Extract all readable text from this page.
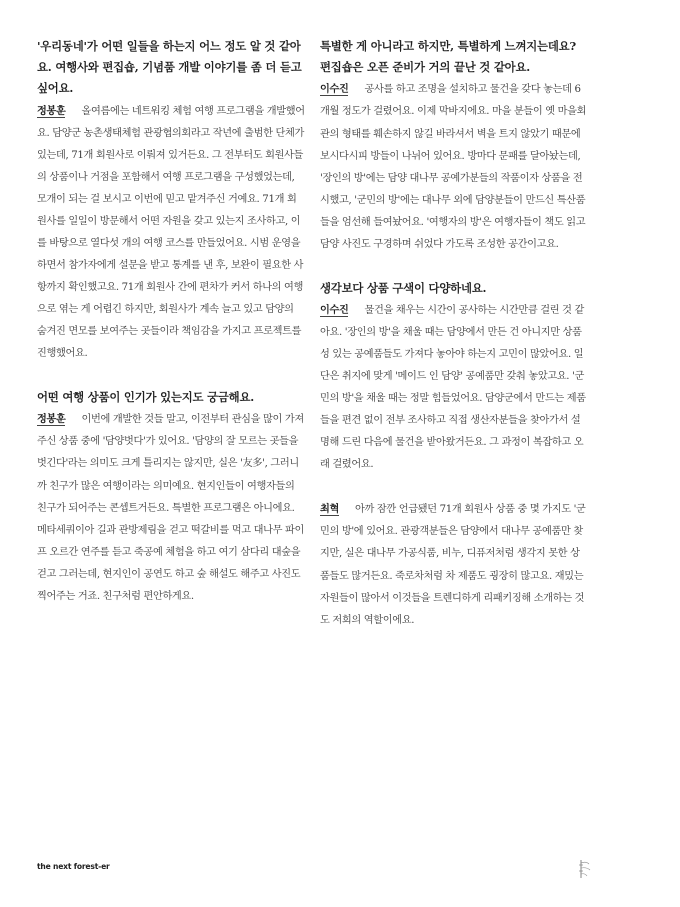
'우리동네'가 어떤 일들을 하는지 어느 정도 알 것 같아요. 여행사와 편집숍, 기념품 개발 이야기를 좀 더 듣고 싶어요.

정봉훈 올여름에는 네트워킹 체험 여행 프로그램을 개발했어요. 담양군 농촌생태체험 관광협의회라고 작년에 출범한 단체가 있는데, 71개 회원사로 이뤄져 있거든요. 그 전부터도 회원사들의 상품이나 거점을 포함해서 여행 프로그램을 구성했었는데, 모개이 되는 걸 보시고 이번에 믿고 맡겨주신 거예요. 71개 회원사를 일일이 방문해서 어떤 자원을 갖고 있는지 조사하고, 이를 바탕으로 열다섯 개의 여행 코스를 만들었어요. 시범 운영을 하면서 참가자에게 설문을 받고 통계를 낸 후, 보완이 필요한 사항까지 확인했고요. 71개 회원사 간에 편차가 커서 하나의 여행으로 엮는 게 어렵긴 하지만, 회원사가 계속 늘고 있고 담양의 숨겨진 면모를 보여주는 곳들이라 책임감을 가지고 프로젝트를 진행했어요.

어떤 여행 상품이 인기가 있는지도 궁금해요.

정봉훈 이번에 개발한 것들 말고, 이전부터 관심을 많이 가져주신 상품 중에 '담양벗다'가 있어요. '담양의 잘 모르는 곳들을 벗긴다'라는 의미도 크게 틀리지는 않지만, 실은 '友多', 그러니까 친구가 많은 여행이라는 의미예요. 현지인들이 여행자들의 친구가 되어주는 콘셉트거든요. 특별한 프로그램은 아니에요. 메타세쿼이아 길과 관방제림을 걷고 떡갈비를 먹고 대나무 파이프 오르간 연주를 듣고 죽공예 체험을 하고 여기 삼다리 대숲을 걷고 그러는데, 현지인이 공연도 하고 숲 해설도 해주고 사진도 찍어주는 거죠. 친구처럼 편안하게요.

특별한 게 아니라고 하지만, 특별하게 느껴지는데요? 편집숍은 오픈 준비가 거의 끝난 것 같아요.

이수진 공사를 하고 조명을 설치하고 물건을 갖다 놓는데 6개월 정도가 걸렸어요. 이제 막바지에요. 마을 분들이 옛 마을회관의 형태를 훼손하지 않길 바라셔서 벽을 트지 않았기 때문에 보시다시피 방들이 나뉘어 있어요. 방마다 문패를 달아놨는데, '장인의 방'에는 담양 대나무 공예가분들의 작품이자 상품을 전시했고, '군민의 방'에는 대나무 외에 담양분들이 만드신 특산품들을 엄선해 들여놨어요. '여행자의 방'은 여행자들이 책도 읽고 담양 사진도 구경하며 쉬었다 가도록 조성한 공간이고요.

생각보다 상품 구색이 다양하네요.

이수진 물건을 채우는 시간이 공사하는 시간만큼 걸린 것 같아요. '장인의 방'을 채울 때는 담양에서 만든 건 아니지만 상품성 있는 공예품들도 가져다 놓아야 하는지 고민이 많았어요. 일단은 취지에 맞게 '메이드 인 담양' 공예품만 갖춰 놓았고요. '군민의 방'을 채울 때는 정말 힘들었어요. 담양군에서 만드는 제품들을 편견 없이 전부 조사하고 직접 생산자분들을 찾아가서 설명해 드린 다음에 물건을 받아왔거든요. 그 과정이 복잡하고 오래 걸렸어요.

최혁 아까 잠깐 언급됐던 71개 회원사 상품 중 몇 가지도 '군민의 방'에 있어요. 관광객분들은 담양에서 대나무 공예품만 찾지만, 실은 대나무 가공식품, 비누, 디퓨저처럼 생각지 못한 상품들도 많거든요. 죽로차처럼 차 제품도 굉장히 많고요. 재밌는 자원들이 많아서 이것들을 트렌디하게 리패키징해 소개하는 것도 저희의 역할이에요.

the next forest-er
